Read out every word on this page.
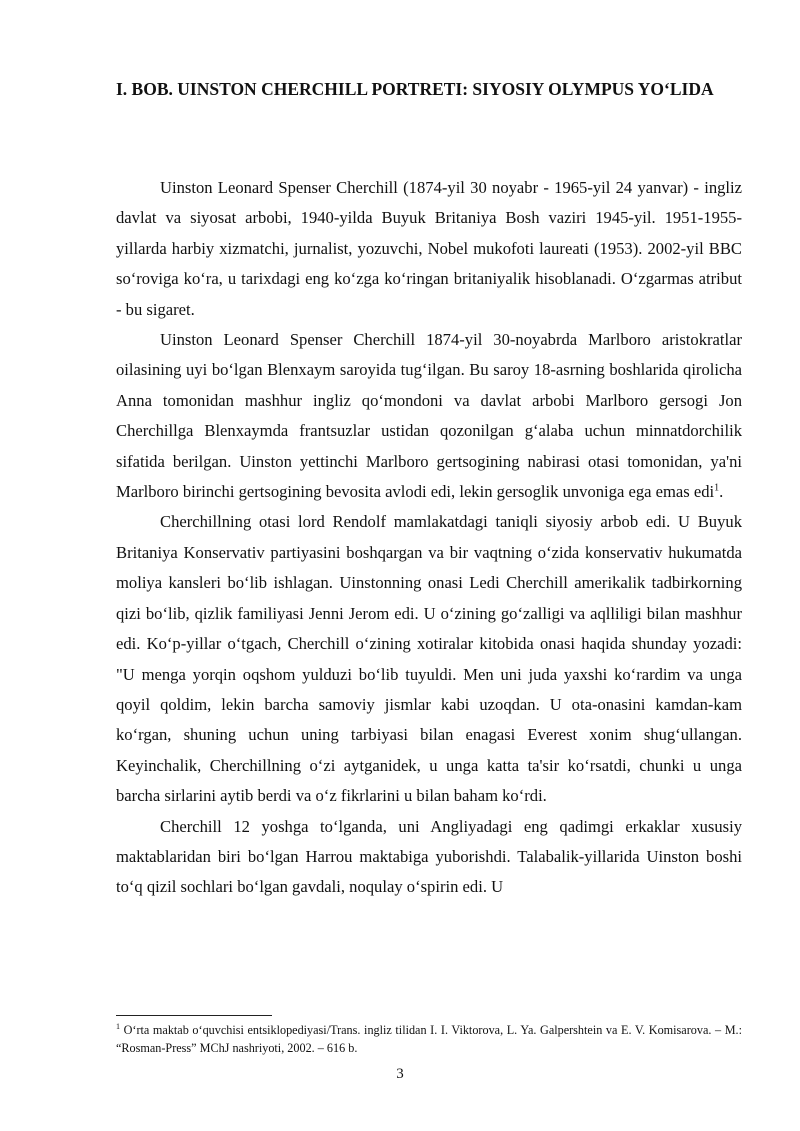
I. BOB. UINSTON CHERCHILL PORTRETI: SIYOSIY OLYMPUS YO‘LIDA

Uinston Leonard Spenser Cherchill (1874-yil 30 noyabr - 1965-yil 24 yanvar) - ingliz davlat va siyosat arbobi, 1940-yilda Buyuk Britaniya Bosh vaziri 1945-yil. 1951-1955-yillarda harbiy xizmatchi, jurnalist, yozuvchi, Nobel mukofoti laureati (1953). 2002-yil BBC so‘roviga ko‘ra, u tarixdagi eng ko‘zga ko‘ringan britaniyalik hisoblanadi. O‘zgarmas atribut - bu sigaret.

Uinston Leonard Spenser Cherchill 1874-yil 30-noyabrda Marlboro aristokratlar oilasining uyi bo‘lgan Blenxaym saroyida tug‘ilgan. Bu saroy 18-asrning boshlarida qirolicha Anna tomonidan mashhur ingliz qo‘mondoni va davlat arbobi Marlboro gersogi Jon Cherchillga Blenxaymda frantsuzlar ustidan qozonilgan g‘alaba uchun minnatdorchilik sifatida berilgan. Uinston yettinchi Marlboro gertsogining nabirasi otasi tomonidan, ya'ni Marlboro birinchi gertsogining bevosita avlodi edi, lekin gersoglik unvoniga ega emas edi$^1$.

Cherchillning otasi lord Rendolf mamlakatdagi taniqli siyosiy arbob edi. U Buyuk Britaniya Konservativ partiyasini boshqargan va bir vaqtning o‘zida konservativ hukumatda moliya kansleri bo‘lib ishlagan. Uinstonning onasi Ledi Cherchill amerikalik tadbirkorning qizi bo‘lib, qizlik familiyasi Jenni Jerom edi. U o‘zining go‘zalligi va aqlliligi bilan mashhur edi. Ko‘p-yillar o‘tgach, Cherchill o‘zining xotiralar kitobida onasi haqida shunday yozadi: "U menga yorqin oqshom yulduzi bo‘lib tuyuldi. Men uni juda yaxshi ko‘rardim va unga qoyil qoldim, lekin barcha samoviy jismlar kabi uzoqdan. U ota-onasini kamdan-kam ko‘rgan, shuning uchun uning tarbiyasi bilan enagasi Everest xonim shug‘ullangan. Keyinchalik, Cherchillning o‘zi aytganidek, u unga katta ta'sir ko‘rsatdi, chunki u unga barcha sirlarini aytib berdi va o‘z fikrlarini u bilan baham ko‘rdi.

Cherchill 12 yoshga to‘lganda, uni Angliyadagi eng qadimgi erkaklar xususiy maktablaridan biri bo‘lgan Harrou maktabiga yuborishdi. Talabalik-yillarida Uinston boshi to‘q qizil sochlari bo‘lgan gavdali, noqulay o‘spirin edi. U

$^1$ O‘rta maktab o‘quvchisi entsiklopediyasi/Trans. ingliz tilidan I. I. Viktorova, L. Ya. Galpershtein va E. V. Komisarova. – M.: “Rosman-Press” MChJ nashriyoti, 2002. – 616 b.

3
